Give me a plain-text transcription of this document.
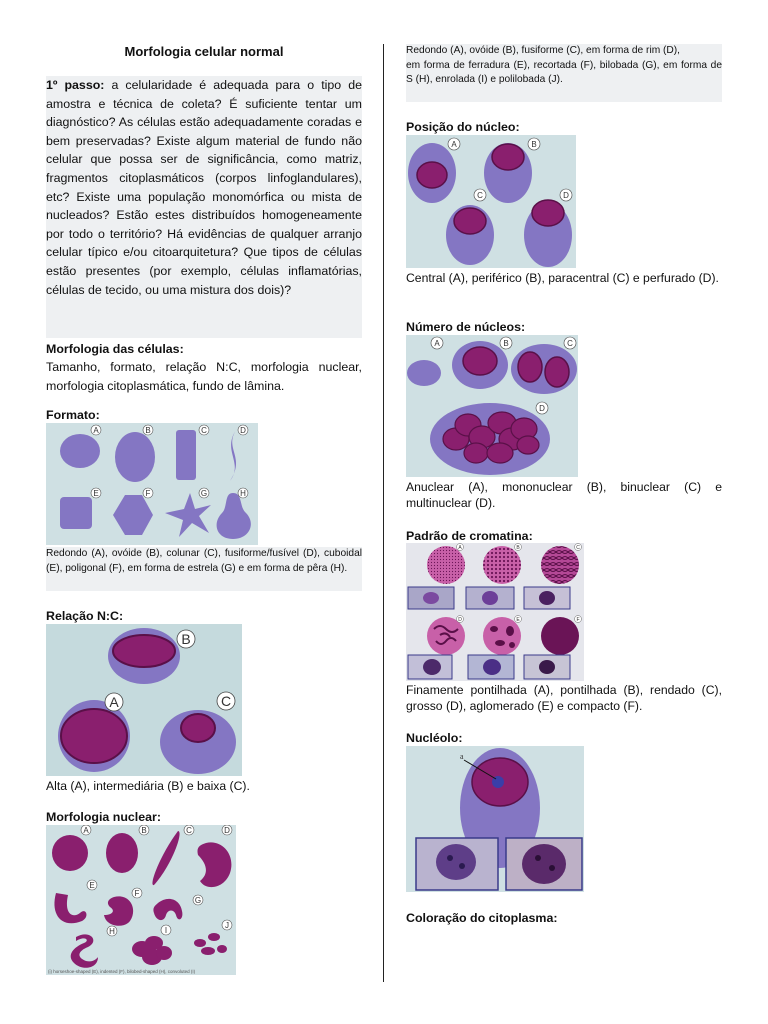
Morfologia celular normal
1º passo: a celularidade é adequada para o tipo de amostra e técnica de coleta? É suficiente tentar um diagnóstico? As células estão adequadamente coradas e bem preservadas? Existe algum material de fundo não celular que possa ser de significância, como matriz, fragmentos citoplasmáticos (corpos linfoglandulares), etc? Existe uma população monomórfica ou mista de nucleados? Estão estes distribuídos homogeneamente por todo o território? Há evidências de qualquer arranjo celular típico e/ou citoarquitetura? Que tipos de células estão presentes (por exemplo, células inflamatórias, células de tecido, ou uma mistura dos dois)?
Morfologia das células:
Tamanho, formato, relação N:C, morfologia nuclear, morfologia citoplasmática, fundo de lâmina.
Formato:
A	B	C	D
E	F	G	H
Redondo (A), ovóide (B), colunar (C), fusiforme/fusível (D), cuboidal (E), poligonal (F), em forma de estrela (G) e em forma de pêra (H).
Relação N:C:
B
A	C
Alta (A), intermediária (B) e baixa (C).
Morfologia nuclear:
A	B	C	D
E
F
G
H	I
J
(i) horseshoe-shaped (E), indented (F), bilobed-shaped (H), convoluted (I)
Redondo (A), ovóide (B), fusiforme (C), em forma de rim (D),
em forma de ferradura (E), recortada (F), bilobada (G), em forma de S (H), enrolada (I) e polilobada (J).
Posição do núcleo:
A	B
C	D
Central (A), periférico (B), paracentral (C) e perfurado (D).
Número de núcleos:
A	B	C
D
Anuclear (A), mononuclear (B), binuclear (C) e multinuclear (D).
Padrão de cromatina:
A	B	C
D	E	F
Finamente pontilhada (A), pontilhada (B), rendado (C), grosso (D), aglomerado (E) e compacto (F).
Nucléolo:
a
Coloração do citoplasma:
